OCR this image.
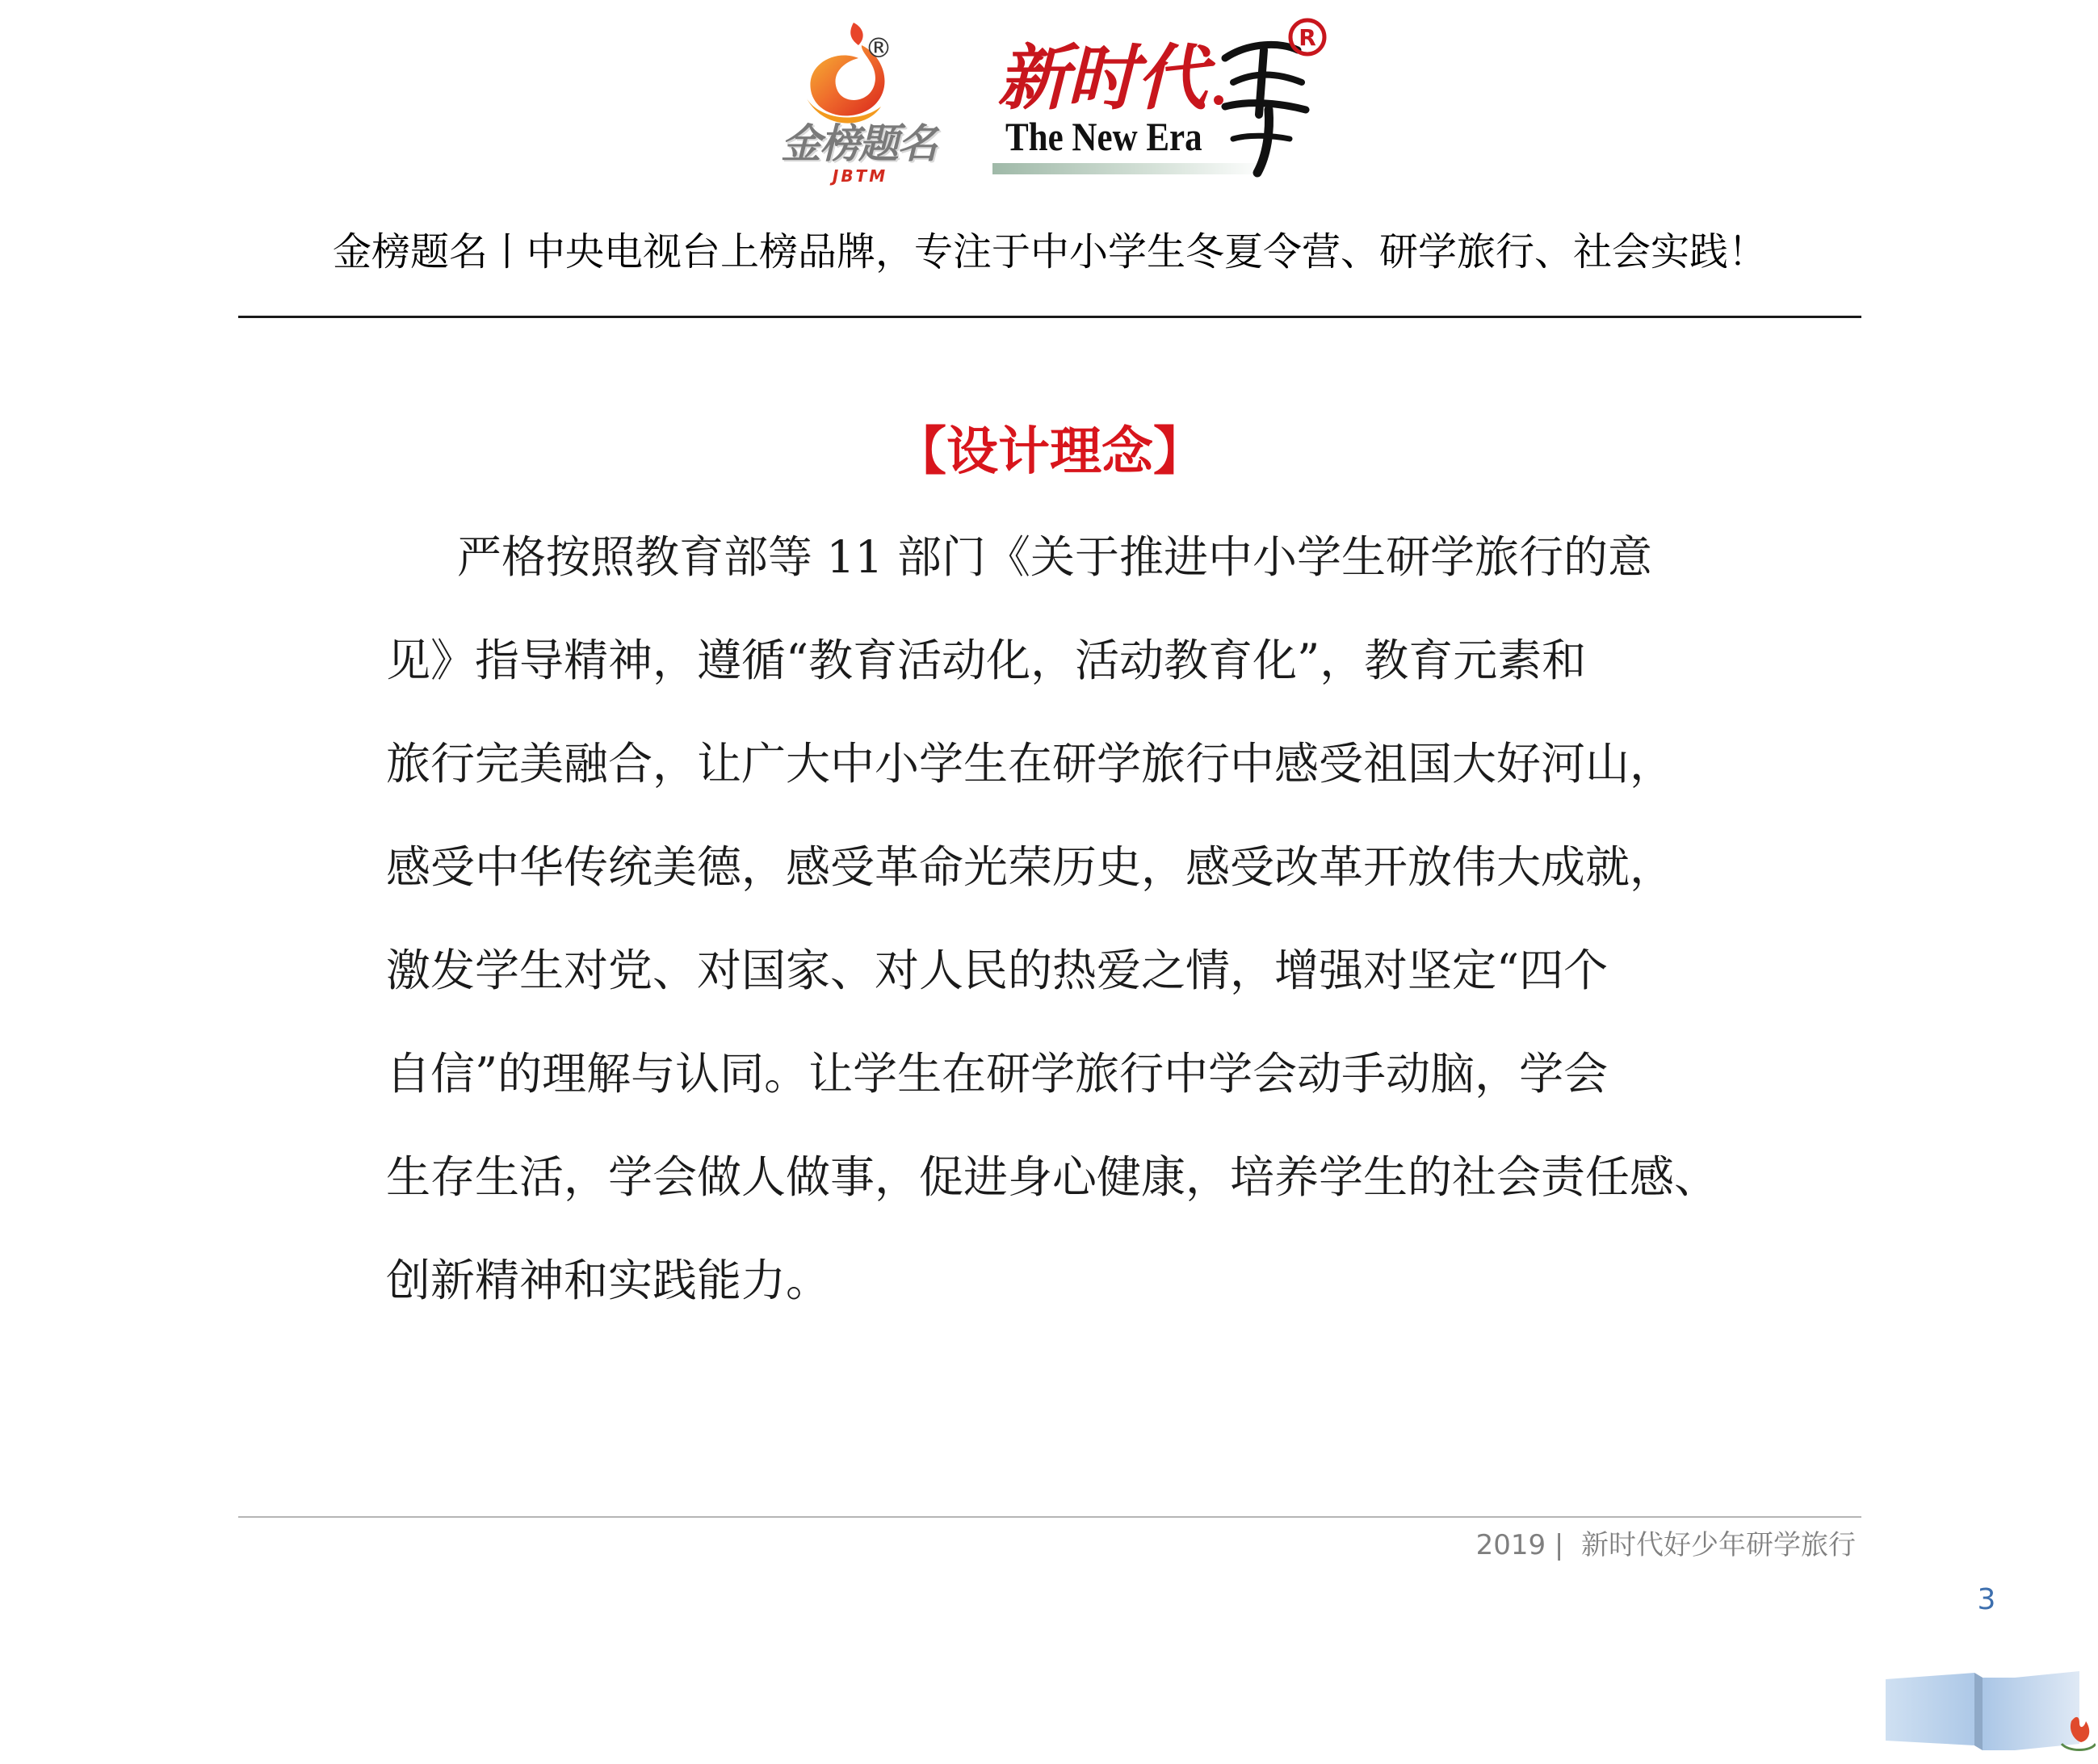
®
金榜题名
JBTM
新时代
The New Era
R
金榜题名丨中央电视台上榜品牌，专注于中小学生冬夏令营、研学旅行、社会实践！
【设计理念】
严格按照教育部等 11 部门《关于推进中小学生研学旅行的意
见》指导精神，遵循“教育活动化，活动教育化”，教育元素和
旅行完美融合，让广大中小学生在研学旅行中感受祖国大好河山，
感受中华传统美德，感受革命光荣历史，感受改革开放伟大成就，
激发学生对党、对国家、对人民的热爱之情，增强对坚定“四个
自信”的理解与认同。让学生在研学旅行中学会动手动脑，学会
生存生活，学会做人做事，促进身心健康，培养学生的社会责任感、
创新精神和实践能力。
2019 | 新时代好少年研学旅行
3
